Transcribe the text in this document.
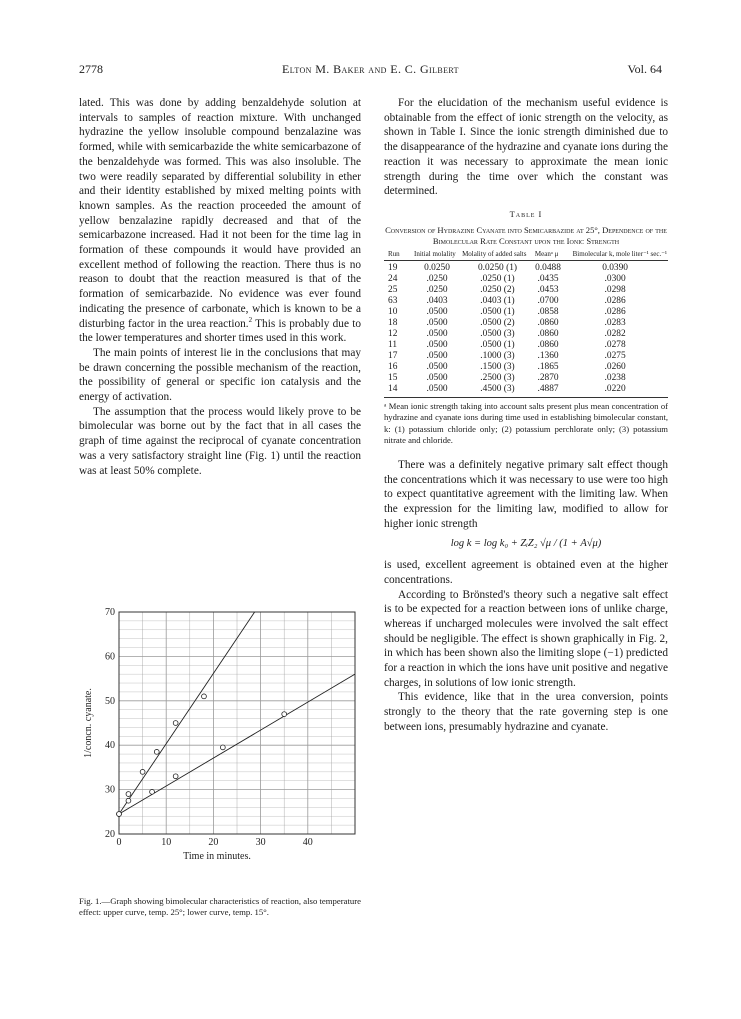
2778	Elton M. Baker and E. C. Gilbert	Vol. 64

lated. This was done by adding benzaldehyde solution at intervals to samples of reaction mixture. With unchanged hydrazine the yellow insoluble compound benzalazine was formed, while with semicarbazide the white semicarbazone of the benzaldehyde was formed. This was also insoluble. The two were readily separated by differential solubility in ether and their identity established by mixed melting points with known samples. As the reaction proceeded the amount of yellow benzalazine rapidly decreased and that of the semicarbazone increased. Had it not been for the time lag in formation of these compounds it would have provided an excellent method of following the reaction. There thus is no reason to doubt that the reaction measured is that of the formation of semicarbazide. No evidence was ever found indicating the presence of carbonate, which is known to be a disturbing factor in the urea reaction.$^2$ This is probably due to the lower temperatures and shorter times used in this work.

The main points of interest lie in the conclusions that may be drawn concerning the possible mechanism of the reaction, the possibility of general or specific ion catalysis and the energy of activation.

The assumption that the process would likely prove to be bimolecular was borne out by the fact that in all cases the graph of time against the reciprocal of cyanate concentration was a very satisfactory straight line (Fig. 1) until the reaction was at least 50% complete.

0	10	20	30	40
20
30
40
50
60
70
Time in minutes.
1/concn. cyanate.
Fig. 1.—Graph showing bimolecular characteristics of reaction, also temperature effect: upper curve, temp. 25°; lower curve, temp. 15°.

For the elucidation of the mechanism useful evidence is obtainable from the effect of ionic strength on the velocity, as shown in Table I. Since the ionic strength diminished due to the disappearance of the hydrazine and cyanate ions during the reaction it was necessary to approximate the mean ionic strength during the time over which the constant was determined.

Table I
Conversion of Hydrazine Cyanate into Semicarbazide at 25°, Dependence of the Bimolecular Rate Constant upon the Ionic Strength
Run	Initial molality	Molality of added salts	Meanᵃ μ	Bimolecular k, mole liter⁻¹ sec.⁻¹
19	0.0250	0.0250 (1)	0.0488	0.0390
24	.0250	.0250 (1)	.0435	.0300
25	.0250	.0250 (2)	.0453	.0298
63	.0403	.0403 (1)	.0700	.0286
10	.0500	.0500 (1)	.0858	.0286
18	.0500	.0500 (2)	.0860	.0283
12	.0500	.0500 (3)	.0860	.0282
11	.0500	.0500 (1)	.0860	.0278
17	.0500	.1000 (3)	.1360	.0275
16	.0500	.1500 (3)	.1865	.0260
15	.0500	.2500 (3)	.2870	.0238
14	.0500	.4500 (3)	.4887	.0220
ᵃ Mean ionic strength taking into account salts present plus mean concentration of hydrazine and cyanate ions during time used in establishing bimolecular constant, k: (1) potassium chloride only; (2) potassium perchlorate only; (3) potassium nitrate and chloride.

There was a definitely negative primary salt effect though the concentrations which it was necessary to use were too high to expect quantitative agreement with the limiting law. When the expression for the limiting law, modified to allow for higher ionic strength

log k = log k₀ + ZᵢZ₂ √μ / (1 + A√μ)

is used, excellent agreement is obtained even at the higher concentrations.

According to Brönsted's theory such a negative salt effect is to be expected for a reaction between ions of unlike charge, whereas if uncharged molecules were involved the salt effect should be negligible. The effect is shown graphically in Fig. 2, in which has been shown also the limiting slope (−1) predicted for a reaction in which the ions have unit positive and negative charges, in solutions of low ionic strength.

This evidence, like that in the urea conversion, points strongly to the theory that the rate governing step is one between ions, presumably hydrazine and cyanate.
